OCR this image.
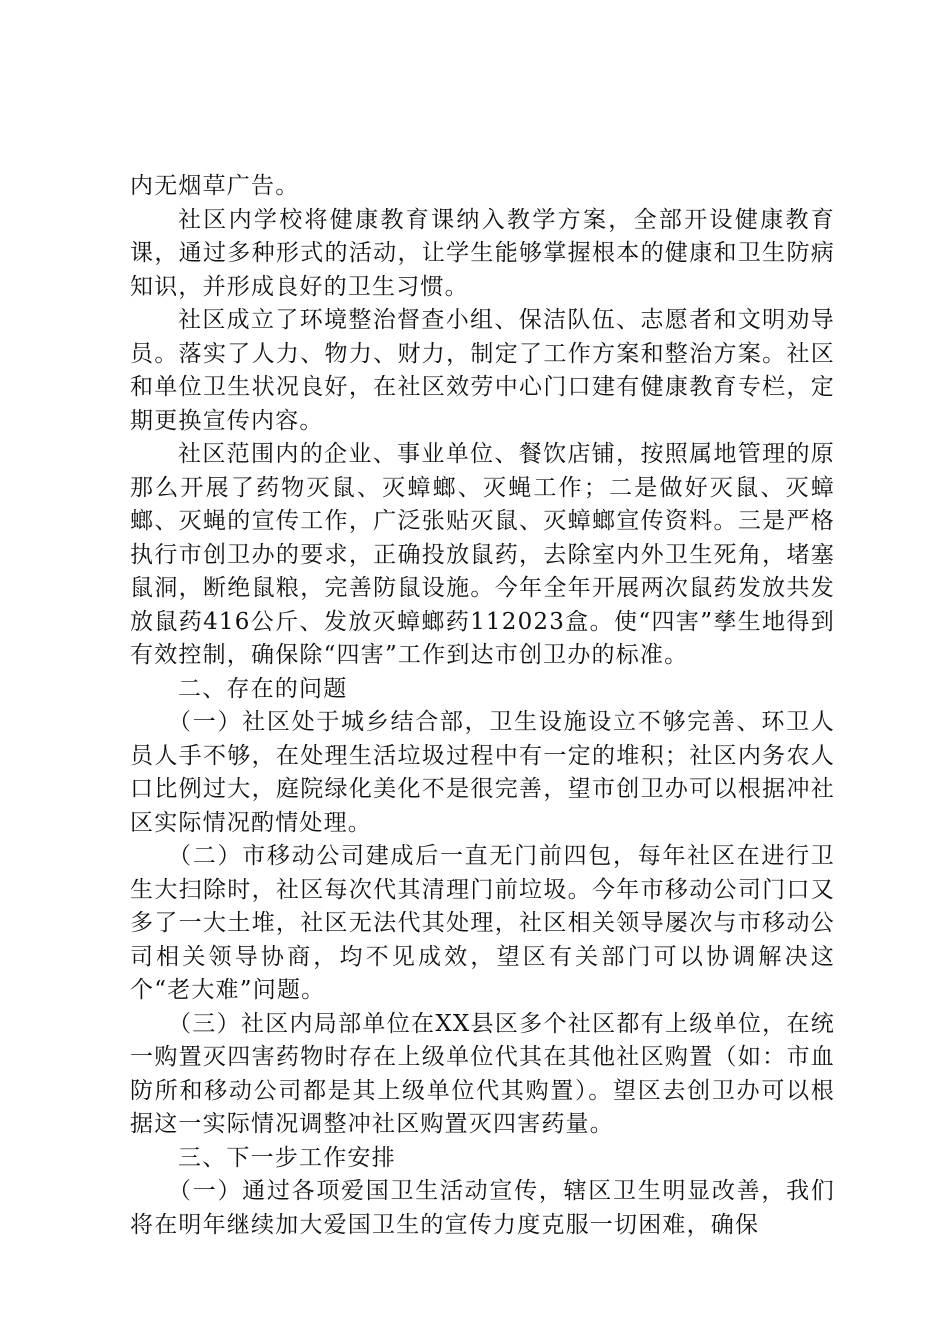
内无烟草广告。

社区内学校将健康教育课纳入教学方案，全部开设健康教育课，通过多种形式的活动，让学生能够掌握根本的健康和卫生防病知识，并形成良好的卫生习惯。

社区成立了环境整治督查小组、保洁队伍、志愿者和文明劝导员。落实了人力、物力、财力，制定了工作方案和整治方案。社区和单位卫生状况良好，在社区效劳中心门口建有健康教育专栏，定期更换宣传内容。

社区范围内的企业、事业单位、餐饮店铺，按照属地管理的原那么开展了药物灭鼠、灭蟑螂、灭蝇工作；二是做好灭鼠、灭蟑螂、灭蝇的宣传工作，广泛张贴灭鼠、灭蟑螂宣传资料。三是严格执行市创卫办的要求，正确投放鼠药，去除室内外卫生死角，堵塞鼠洞，断绝鼠粮，完善防鼠设施。今年全年开展两次鼠药发放共发放鼠药416公斤、发放灭蟑螂药112023盒。使“四害”孳生地得到有效控制，确保除“四害”工作到达市创卫办的标准。

二、存在的问题

（一）社区处于城乡结合部，卫生设施设立不够完善、环卫人员人手不够，在处理生活垃圾过程中有一定的堆积；社区内务农人口比例过大，庭院绿化美化不是很完善，望市创卫办可以根据冲社区实际情况酌情处理。

（二）市移动公司建成后一直无门前四包，每年社区在进行卫生大扫除时，社区每次代其清理门前垃圾。今年市移动公司门口又多了一大土堆，社区无法代其处理，社区相关领导屡次与市移动公司相关领导协商，均不见成效，望区有关部门可以协调解决这个“老大难”问题。

（三）社区内局部单位在XX县区多个社区都有上级单位，在统一购置灭四害药物时存在上级单位代其在其他社区购置（如：市血防所和移动公司都是其上级单位代其购置）。望区去创卫办可以根据这一实际情况调整冲社区购置灭四害药量。

三、下一步工作安排

（一）通过各项爱国卫生活动宣传，辖区卫生明显改善，我们将在明年继续加大爱国卫生的宣传力度克服一切困难，确保
